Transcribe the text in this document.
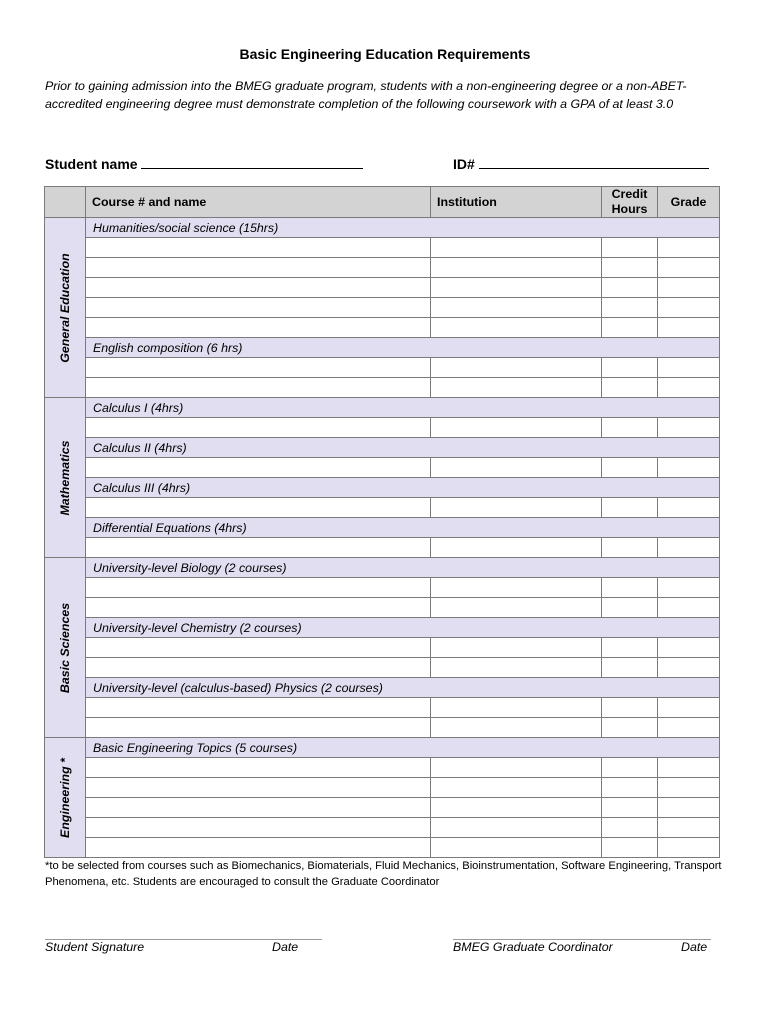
Basic Engineering Education Requirements
Prior to gaining admission into the BMEG graduate program, students with a non-engineering degree or a non-ABET-accredited engineering degree must demonstrate completion of the following coursework with a GPA of at least 3.0
Student name	ID#
	Course # and name	Institution	Credit Hours	Grade

General Education	Humanities/social science (15hrs)			

	English composition (6 hrs)			

Mathematics	Calculus I (4hrs)			

	Calculus II (4hrs)			

	Calculus III (4hrs)			

	Differential Equations (4hrs)			

Basic Sciences	University-level Biology (2 courses)			

	University-level Chemistry (2 courses)			

	University-level (calculus-based) Physics (2 courses)			

Engineering *	Basic Engineering Topics (5 courses)			

*to be selected from courses such as Biomechanics, Biomaterials, Fluid Mechanics, Bioinstrumentation, Software Engineering, Transport Phenomena, etc. Students are encouraged to consult the Graduate Coordinator
Student Signature	Date	BMEG Graduate Coordinator	Date
